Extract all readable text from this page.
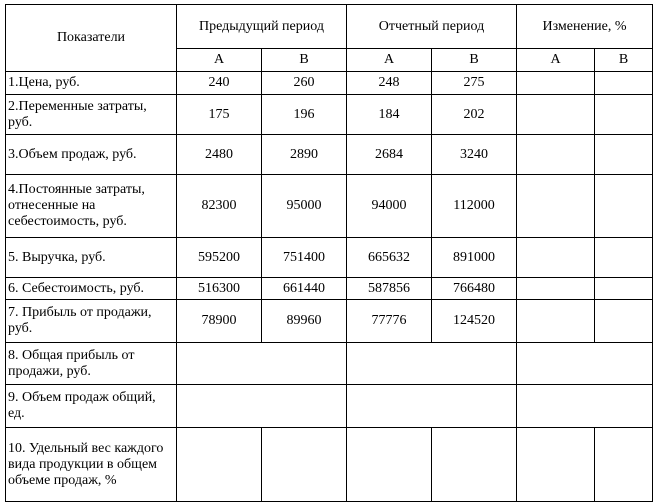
Показатели	Предыдущий период		Отчетный период		Изменение, %	
	А	В	А	В	А	В
1.Цена, руб.	240	260	248	275		
2.Переменные затраты, руб.	175	196	184	202		
3.Объем продаж, руб.	2480	2890	2684	3240		
4.Постоянные затраты, отнесенные на себестоимость, руб.	82300	95000	94000	112000		
5. Выручка, руб.	595200	751400	665632	891000		
6. Себестоимость, руб.	516300	661440	587856	766480		
7. Прибыль от продажи, руб.	78900	89960	77776	124520		
8. Общая прибыль от продажи, руб.						
9. Объем продаж общий, ед.						
10. Удельный вес каждого вида продукции в общем объеме продаж, %						
